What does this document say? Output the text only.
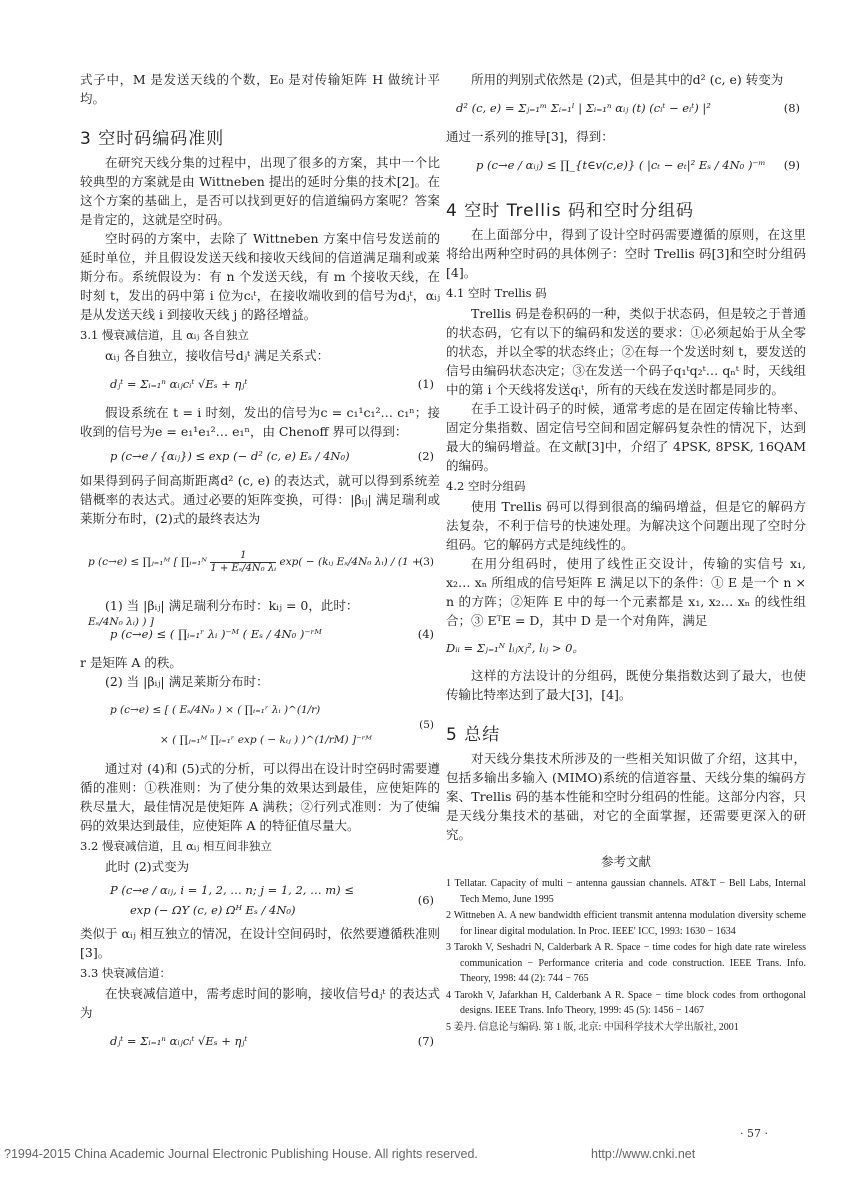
式子中，M 是发送天线的个数，E₀ 是对传输矩阵 H 做统计平均。

3 空时码编码准则

在研究天线分集的过程中，出现了很多的方案，其中一个比较典型的方案就是由 Wittneben 提出的延时分集的技术[2]。在这个方案的基础上，是否可以找到更好的信道编码方案呢？答案是肯定的，这就是空时码。

空时码的方案中，去除了 Wittneben 方案中信号发送前的延时单位，并且假设发送天线和接收天线间的信道满足瑞利或莱斯分布。系统假设为：有 n 个发送天线，有 m 个接收天线，在时刻 t，发出的码中第 i 位为cᵢᵗ，在接收端收到的信号为dⱼᵗ，αᵢⱼ 是从发送天线 i 到接收天线 j 的路径增益。

3.1 慢衰减信道，且 αᵢⱼ 各自独立

αᵢⱼ 各自独立，接收信号dⱼᵗ 满足关系式：

dⱼᵗ = Σᵢ₌₁ⁿ αᵢⱼcᵢᵗ √Eₛ + ηⱼᵗ	(1)

假设系统在 t = i 时刻，发出的信号为c = c₁¹c₁²… c₁ⁿ；接收到的信号为e = e₁¹e₁²… e₁ⁿ，由 Chenoff 界可以得到：

p (c→e / {αᵢⱼ}) ≤ exp (− d² (c, e) Eₛ / 4N₀)	(2)

如果得到码子间高斯距离d² (c, e) 的表达式，就可以得到系统差错概率的表达式。通过必要的矩阵变换，可得：|βᵢⱼ| 满足瑞利或莱斯分布时，(2)式的最终表达为

p (c→e) ≤ ∏ⱼ₌₁ᴹ [ ∏ᵢ₌₁ᴺ $\frac{1}{\text{1 + Eₛ/4N₀ λᵢ}} \exp$( − (kᵢⱼ Eₛ/4N₀ λᵢ) / (1 + Eₛ/4N₀ λᵢ) ) ]
(3)

(1) 当 |βᵢⱼ| 满足瑞利分布时：kᵢⱼ = 0，此时：

p (c→e) ≤ ( ∏ᵢ₌₁ʳ λᵢ )⁻ᴹ ( Eₛ / 4N₀ )⁻ʳᴹ	(4)

r 是矩阵 A 的秩。

(2) 当 |βᵢⱼ| 满足莱斯分布时：

p (c→e) ≤ [ ( Eₛ/4N₀ ) × ( ∏ᵢ₌₁ʳ λᵢ )^(1/r)
× ( ∏ⱼ₌₁ᴹ ∏ᵢ₌₁ʳ exp ( − kᵢⱼ ) )^(1/rM) ]⁻ʳᴹ
(5)

通过对 (4)和 (5)式的分析，可以得出在设计时空码时需要遵循的准则：①秩准则：为了使分集的效果达到最佳，应使矩阵的秩尽量大，最佳情况是使矩阵 A 满秩；②行列式准则：为了使编码的效果达到最佳，应使矩阵 A 的特征值尽量大。

3.2 慢衰减信道，且 αᵢⱼ 相互间非独立

此时 (2)式变为

P (c→e / αᵢⱼ, i = 1, 2, … n; j = 1, 2, … m) ≤
exp (− ΩY (c, e) Ωᴴ Eₛ / 4N₀)
(6)

类似于 αᵢⱼ 相互独立的情况，在设计空间码时，依然要遵循秩准则[3]。

3.3 快衰减信道：

在快衰减信道中，需考虑时间的影响，接收信号dⱼᵗ 的表达式为

dⱼᵗ = Σᵢ₌₁ⁿ αᵢⱼcᵢᵗ √Eₛ + ηⱼᵗ	(7)

所用的判别式依然是 (2)式，但是其中的d² (c, e) 转变为

d² (c, e) = Σⱼ₌₁ᵐ Σᵢ₌₁ˡ | Σᵢ₌₁ⁿ αᵢⱼ (t) (cᵢᵗ − eᵢᵗ) |²	(8)

通过一系列的推导[3]，得到：

p (c→e / αᵢⱼ) ≤ ∏_{t∈v(c,e)} ( |cₜ − eₜ|² Eₛ / 4N₀ )⁻ᵐ (9)
4 空时 Trellis 码和空时分组码

在上面部分中，得到了设计空时码需要遵循的原则，在这里将给出两种空时码的具体例子：空时 Trellis 码[3]和空时分组码[4]。

4.1 空时 Trellis 码

Trellis 码是卷积码的一种，类似于状态码，但是较之于普通的状态码，它有以下的编码和发送的要求：①必须起始于从全零的状态，并以全零的状态终止；②在每一个发送时刻 t，要发送的信号由编码状态决定；③在发送一个码子q₁ᵗq₂ᵗ… qₙᵗ 时，天线组中的第 i 个天线将发送qᵢᵗ，所有的天线在发送时都是同步的。

在手工设计码子的时候，通常考虑的是在固定传输比特率、固定分集指数、固定信号空间和固定解码复杂性的情况下，达到最大的编码增益。在文献[3]中，介绍了 4PSK, 8PSK, 16QAM 的编码。

4.2 空时分组码

使用 Trellis 码可以得到很高的编码增益，但是它的解码方法复杂，不利于信号的快速处理。为解决这个问题出现了空时分组码。它的解码方式是纯线性的。

在用分组码时，使用了线性正交设计，传输的实信号 x₁, x₂… xₙ 所组成的信号矩阵 E 满足以下的条件：① E 是一个 n × n 的方阵；②矩阵 E 中的每一个元素都是 x₁, x₂… xₙ 的线性组合；③ EᵀE = D，其中 D 是一个对角阵，满足

Dᵢᵢ = Σⱼ₌₁ᴺ lᵢⱼxⱼ², lᵢⱼ > 0。

这样的方法设计的分组码，既使分集指数达到了最大，也使传输比特率达到了最大[3]，[4]。

5 总结

对天线分集技术所涉及的一些相关知识做了介绍，这其中，包括多输出多输入 (MIMO)系统的信道容量、天线分集的编码方案、Trellis 码的基本性能和空时分组码的性能。这部分内容，只是天线分集技术的基础，对它的全面掌握，还需要更深入的研究。

参考文献

1 Tellatar. Capacity of multi − antenna gaussian channels. AT&T − Bell Labs, Internal Tech Memo, June 1995

2 Wittneben A. A new bandwidth efficient transmit antenna modulation diversity scheme for linear digital modulation. In Proc. IEEE' ICC, 1993: 1630 − 1634

3 Tarokh V, Seshadri N, Calderbark A R. Space − time codes for high date rate wireless communication − Performance criteria and code construction. IEEE Trans. Info. Theory, 1998: 44 (2): 744 − 765

4 Tarokh V, Jafarkhan H, Calderbank A R. Space − time block codes from orthogonal designs. IEEE Trans. Info Theory, 1999: 45 (5): 1456 − 1467

5 姜丹. 信息论与编码. 第 1 版, 北京: 中国科学技术大学出版社, 2001

· 57 ·
?1994-2015 China Academic Journal Electronic Publishing House. All rights reserved.	http://www.cnki.net
